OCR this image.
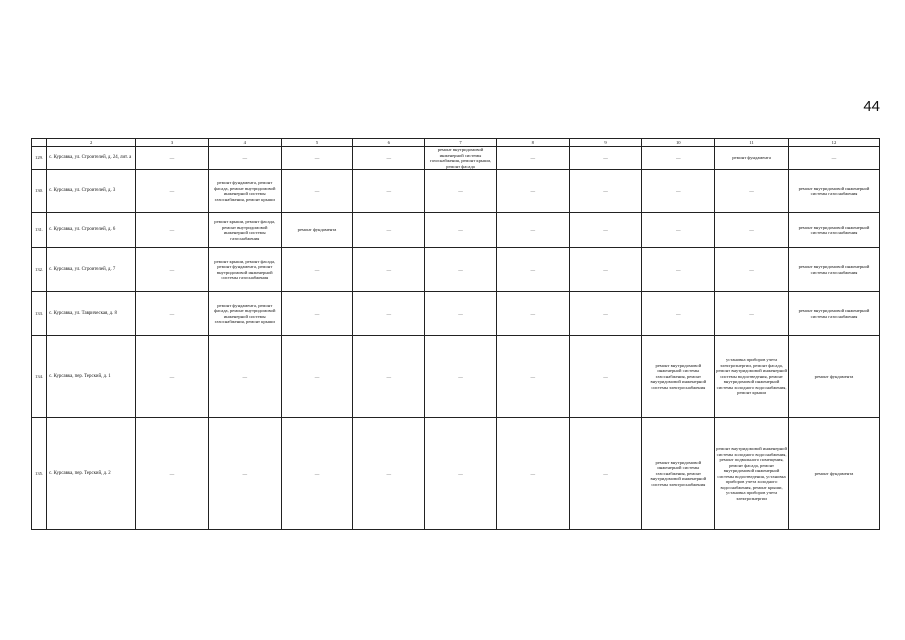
44
	2	3	4	5	6	7	8	9	10	11	12
129.	с. Курсавка, ул. Строителей, д. 24, лит. а	—	—	—	—	ремонт внутридомовой инженерной системы газоснабжения, ремонт крыши, ремонт фасада	—	—	—	ремонт фундамента	—
130.	с. Курсавка, ул. Строителей, д. 3	—	ремонт фундамента, ремонт фасада, ремонт внутридомовой инженерной системы газоснабжения, ремонт крыши	—	—	—	—	—	—	—	ремонт внутридомовой инженерной системы газоснабжения
131.	с. Курсавка, ул. Строителей, д. 6	—	ремонт крыши, ремонт фасада, ремонт внутридомовой инженерной системы газоснабжения	ремонт фундамента	—	—	—	—	—	—	ремонт внутридомовой инженерной системы газоснабжения
132.	с. Курсавка, ул. Строителей, д. 7	—	ремонт крыши, ремонт фасада, ремонт фундамента, ремонт внутридомовой инженерной системы газоснабжения	—	—	—	—	—	—	—	ремонт внутридомовой инженерной системы газоснабжения
133.	с. Курсавка, ул. Таврическая, д. 8	—	ремонт фундамента, ремонт фасада, ремонт внутридомовой инженерной системы газоснабжения, ремонт крыши	—	—	—	—	—	—	—	ремонт внутридомовой инженерной системы газоснабжения
134.	с. Курсавка, пер. Терский, д. 1	—	—	—	—	—	—	—	ремонт внутридомовой инженерной системы газоснабжения, ремонт внутридомовой инженерной системы электроснабжения	установка приборов учета электроэнергии, ремонт фасада, ремонт внутридомовой инженерной системы водоотведения, ремонт внутридомовой инженерной системы холодного водоснабжения, ремонт крыши	ремонт фундамента
135.	с. Курсавка, пер. Терский, д. 2	—	—	—	—	—	—	—	ремонт внутридомовой инженерной системы газоснабжения, ремонт внутридомовой инженерной системы электроснабжения	ремонт внутридомовой инженерной системы холодного водоснабжения, ремонт подвального помещения, ремонт фасада, ремонт внутридомовой инженерной системы водоотведения, установка приборов учета холодного водоснабжения, ремонт крыши, установка приборов учета электроэнергии	ремонт фундамента
